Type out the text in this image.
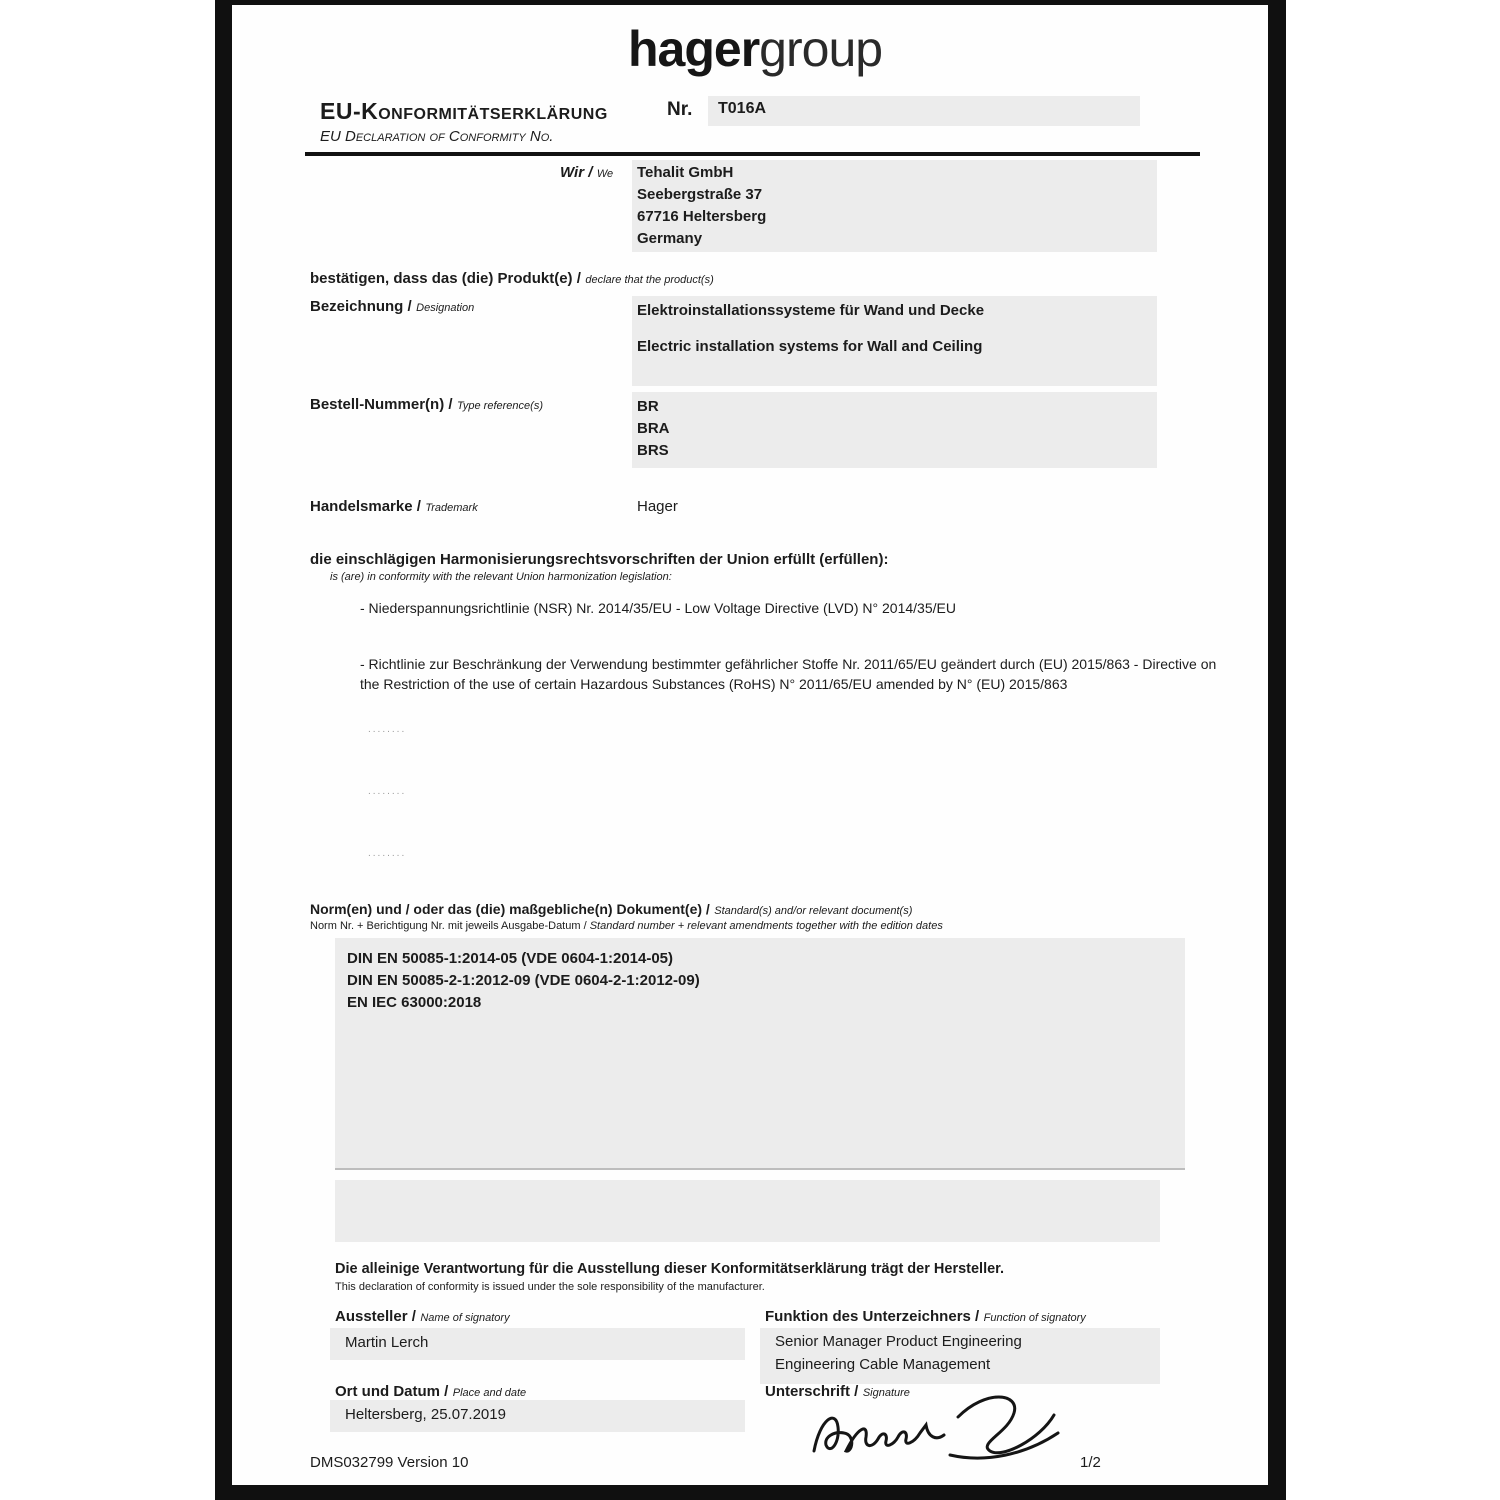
hagergroup
EU-Konformitätserklärung	Nr. T016A
EU Declaration of Conformity No.
Wir / We Tehalit GmbH
Seebergstraße 37
67716 Heltersberg
Germany
bestätigen, dass das (die) Produkt(e) / declare that the product(s)
Bezeichnung / Designation	Elektroinstallationssysteme für Wand und Decke
Electric installation systems for Wall and Ceiling
Bestell-Nummer(n) / Type reference(s)	BR
BRA
BRS
Handelsmarke / Trademark	Hager
die einschlägigen Harmonisierungsrechtsvorschriften der Union erfüllt (erfüllen):
is (are) in conformity with the relevant Union harmonization legislation:
- Niederspannungsrichtlinie (NSR) Nr. 2014/35/EU - Low Voltage Directive (LVD) N° 2014/35/EU
- Richtlinie zur Beschränkung der Verwendung bestimmter gefährlicher Stoffe Nr. 2011/65/EU geändert durch (EU) 2015/863 - Directive on the Restriction of the use of certain Hazardous Substances (RoHS) N° 2011/65/EU amended by N° (EU) 2015/863
........
........
........
Norm(en) und / oder das (die) maßgebliche(n) Dokument(e) / Standard(s) and/or relevant document(s)
Norm Nr. + Berichtigung Nr. mit jeweils Ausgabe-Datum / Standard number + relevant amendments together with the edition dates
DIN EN 50085-1:2014-05 (VDE 0604-1:2014-05)
DIN EN 50085-2-1:2012-09 (VDE 0604-2-1:2012-09)
EN IEC 63000:2018
Die alleinige Verantwortung für die Ausstellung dieser Konformitätserklärung trägt der Hersteller.
This declaration of conformity is issued under the sole responsibility of the manufacturer.
Aussteller / Name of signatory
Martin Lerch
Funktion des Unterzeichners / Function of signatory
Senior Manager Product Engineering
Engineering Cable Management
Ort und Datum / Place and date
Heltersberg, 25.07.2019
Unterschrift / Signature
DMS032799 Version 10	1/2
